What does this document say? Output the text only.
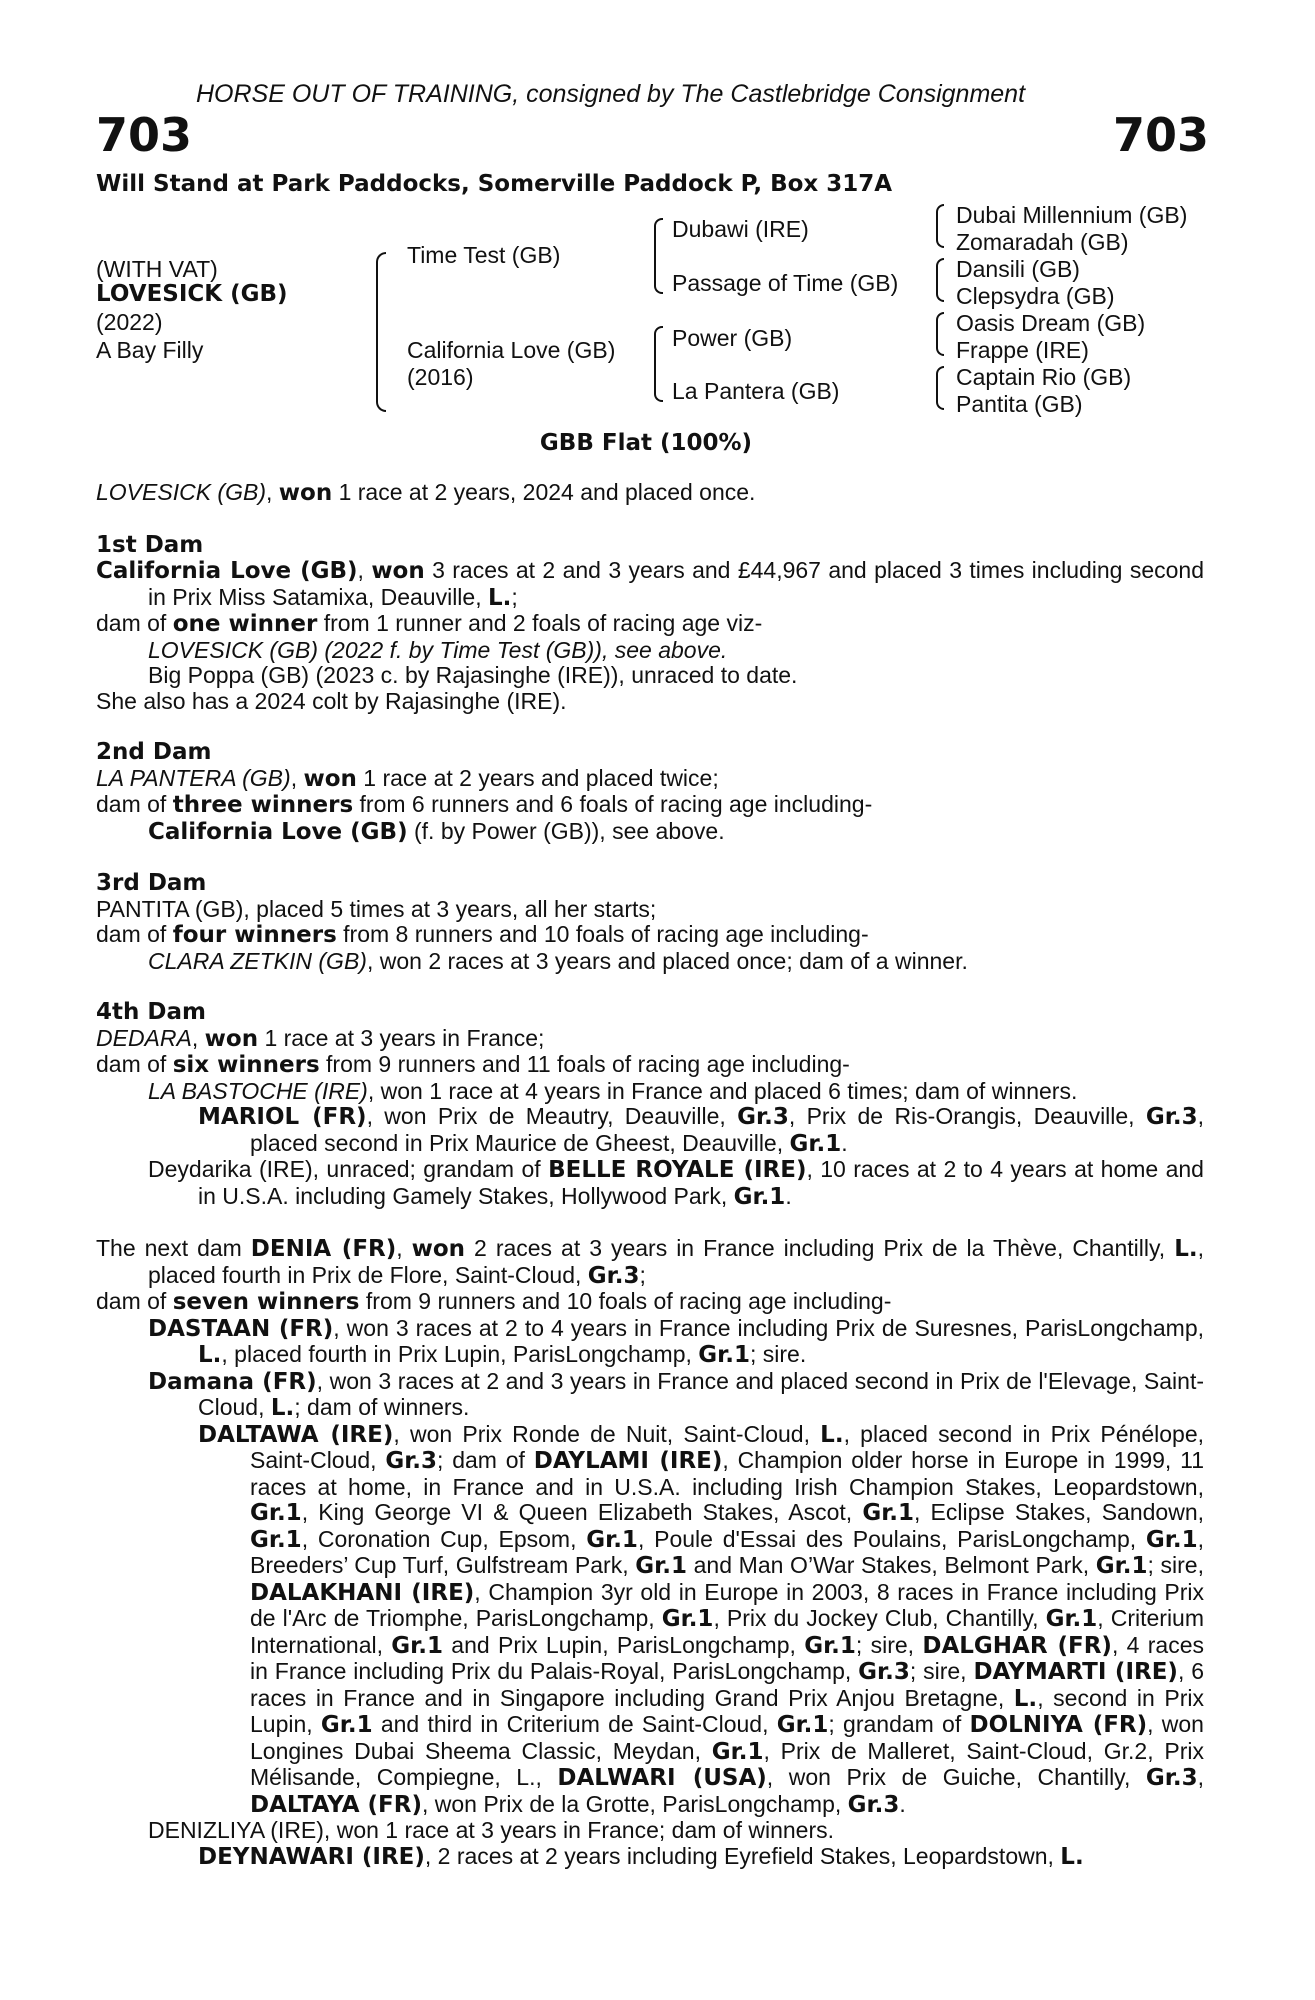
HORSE OUT OF TRAINING, consigned by The Castlebridge Consignment
703	703
Will Stand at Park Paddocks, Somerville Paddock P, Box 317A
(WITH VAT)
LOVESICK (GB)
(2022)
A Bay Filly
Time Test (GB)
California Love (GB)
(2016)
Dubawi (IRE)
Passage of Time (GB)
Power (GB)
La Pantera (GB)
Dubai Millennium (GB)
Zomaradah (GB)
Dansili (GB)
Clepsydra (GB)
Oasis Dream (GB)
Frappe (IRE)
Captain Rio (GB)
Pantita (GB)
GBB Flat (100%)

LOVESICK (GB), won 1 race at 2 years, 2024 and placed once.

1st Dam

California Love (GB), won 3 races at 2 and 3 years and £44,967 and placed 3 times including second in Prix Miss Satamixa, Deauville, L.;

dam of one winner from 1 runner and 2 foals of racing age viz-

LOVESICK (GB) (2022 f. by Time Test (GB)), see above.

Big Poppa (GB) (2023 c. by Rajasinghe (IRE)), unraced to date.

She also has a 2024 colt by Rajasinghe (IRE).

2nd Dam

LA PANTERA (GB), won 1 race at 2 years and placed twice;

dam of three winners from 6 runners and 6 foals of racing age including-

California Love (GB) (f. by Power (GB)), see above.

3rd Dam

PANTITA (GB), placed 5 times at 3 years, all her starts;

dam of four winners from 8 runners and 10 foals of racing age including-

CLARA ZETKIN (GB), won 2 races at 3 years and placed once; dam of a winner.

4th Dam

DEDARA, won 1 race at 3 years in France;

dam of six winners from 9 runners and 11 foals of racing age including-

LA BASTOCHE (IRE), won 1 race at 4 years in France and placed 6 times; dam of winners.

MARIOL (FR), won Prix de Meautry, Deauville, Gr.3, Prix de Ris-Orangis, Deauville, Gr.3, placed second in Prix Maurice de Gheest, Deauville, Gr.1.

Deydarika (IRE), unraced; grandam of BELLE ROYALE (IRE), 10 races at 2 to 4 years at home and in U.S.A. including Gamely Stakes, Hollywood Park, Gr.1.

The next dam DENIA (FR), won 2 races at 3 years in France including Prix de la Thève, Chantilly, L., placed fourth in Prix de Flore, Saint-Cloud, Gr.3;

dam of seven winners from 9 runners and 10 foals of racing age including-

DASTAAN (FR), won 3 races at 2 to 4 years in France including Prix de Suresnes, ParisLongchamp, L., placed fourth in Prix Lupin, ParisLongchamp, Gr.1; sire.

Damana (FR), won 3 races at 2 and 3 years in France and placed second in Prix de l'Elevage, Saint-Cloud, L.; dam of winners.

DALTAWA (IRE), won Prix Ronde de Nuit, Saint-Cloud, L., placed second in Prix Pénélope, Saint-Cloud, Gr.3; dam of DAYLAMI (IRE), Champion older horse in Europe in 1999, 11 races at home, in France and in U.S.A. including Irish Champion Stakes, Leopardstown, Gr.1, King George VI & Queen Elizabeth Stakes, Ascot, Gr.1, Eclipse Stakes, Sandown, Gr.1, Coronation Cup, Epsom, Gr.1, Poule d'Essai des Poulains, ParisLongchamp, Gr.1, Breeders’ Cup Turf, Gulfstream Park, Gr.1 and Man O’War Stakes, Belmont Park, Gr.1; sire, DALAKHANI (IRE), Champion 3yr old in Europe in 2003, 8 races in France including Prix de l'Arc de Triomphe, ParisLongchamp, Gr.1, Prix du Jockey Club, Chantilly, Gr.1, Criterium International, Gr.1 and Prix Lupin, ParisLongchamp, Gr.1; sire, DALGHAR (FR), 4 races in France including Prix du Palais-Royal, ParisLongchamp, Gr.3; sire, DAYMARTI (IRE), 6 races in France and in Singapore including Grand Prix Anjou Bretagne, L., second in Prix Lupin, Gr.1 and third in Criterium de Saint-Cloud, Gr.1; grandam of DOLNIYA (FR), won Longines Dubai Sheema Classic, Meydan, Gr.1, Prix de Malleret, Saint-Cloud, Gr.2, Prix Mélisande, Compiegne, L., DALWARI (USA), won Prix de Guiche, Chantilly, Gr.3, DALTAYA (FR), won Prix de la Grotte, ParisLongchamp, Gr.3.

DENIZLIYA (IRE), won 1 race at 3 years in France; dam of winners.

DEYNAWARI (IRE), 2 races at 2 years including Eyrefield Stakes, Leopardstown, L.
